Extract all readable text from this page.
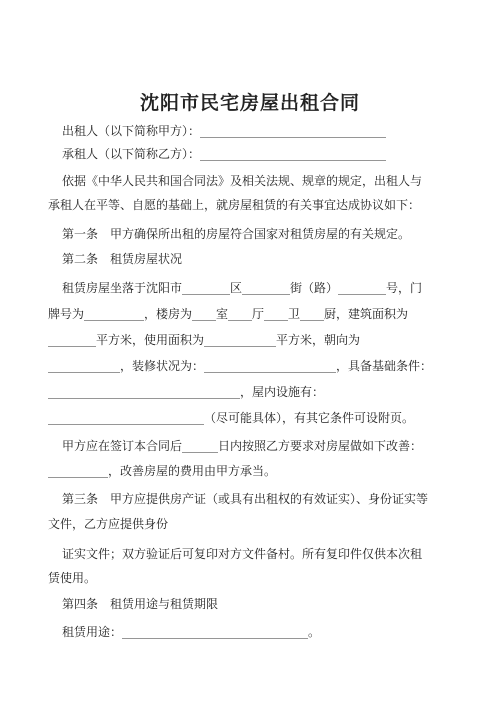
沈阳市民宅房屋出租合同
出租人（以下简称甲方）：_______________________________
承租人（以下简称乙方）：_______________________________
依据《中华人民共和国合同法》及相关法规、规章的规定，出租人与
承租人在平等、自愿的基础上，就房屋租赁的有关事宜达成协议如下：
第一条　甲方确保所出租的房屋符合国家对租赁房屋的有关规定。
第二条　租赁房屋状况
租赁房屋坐落于沈阳市________区________街（路）________号，门
牌号为__________，楼房为____室____厅____卫____厨，建筑面积为
________平方米，使用面积为____________平方米，朝向为
____________，装修状况为：______________________，具备基础条件：
________________________________，屋内设施有：
__________________________（尽可能具体），有其它条件可设附页。
甲方应在签订本合同后______日内按照乙方要求对房屋做如下改善：
__________，改善房屋的费用由甲方承当。
第三条　甲方应提供房产证（或具有出租权的有效证实）、身份证实等
文件，乙方应提供身份
证实文件；双方验证后可复印对方文件备村。所有复印件仅供本次租
赁使用。
第四条　租赁用途与租赁期限
租赁用途：_______________________________。
